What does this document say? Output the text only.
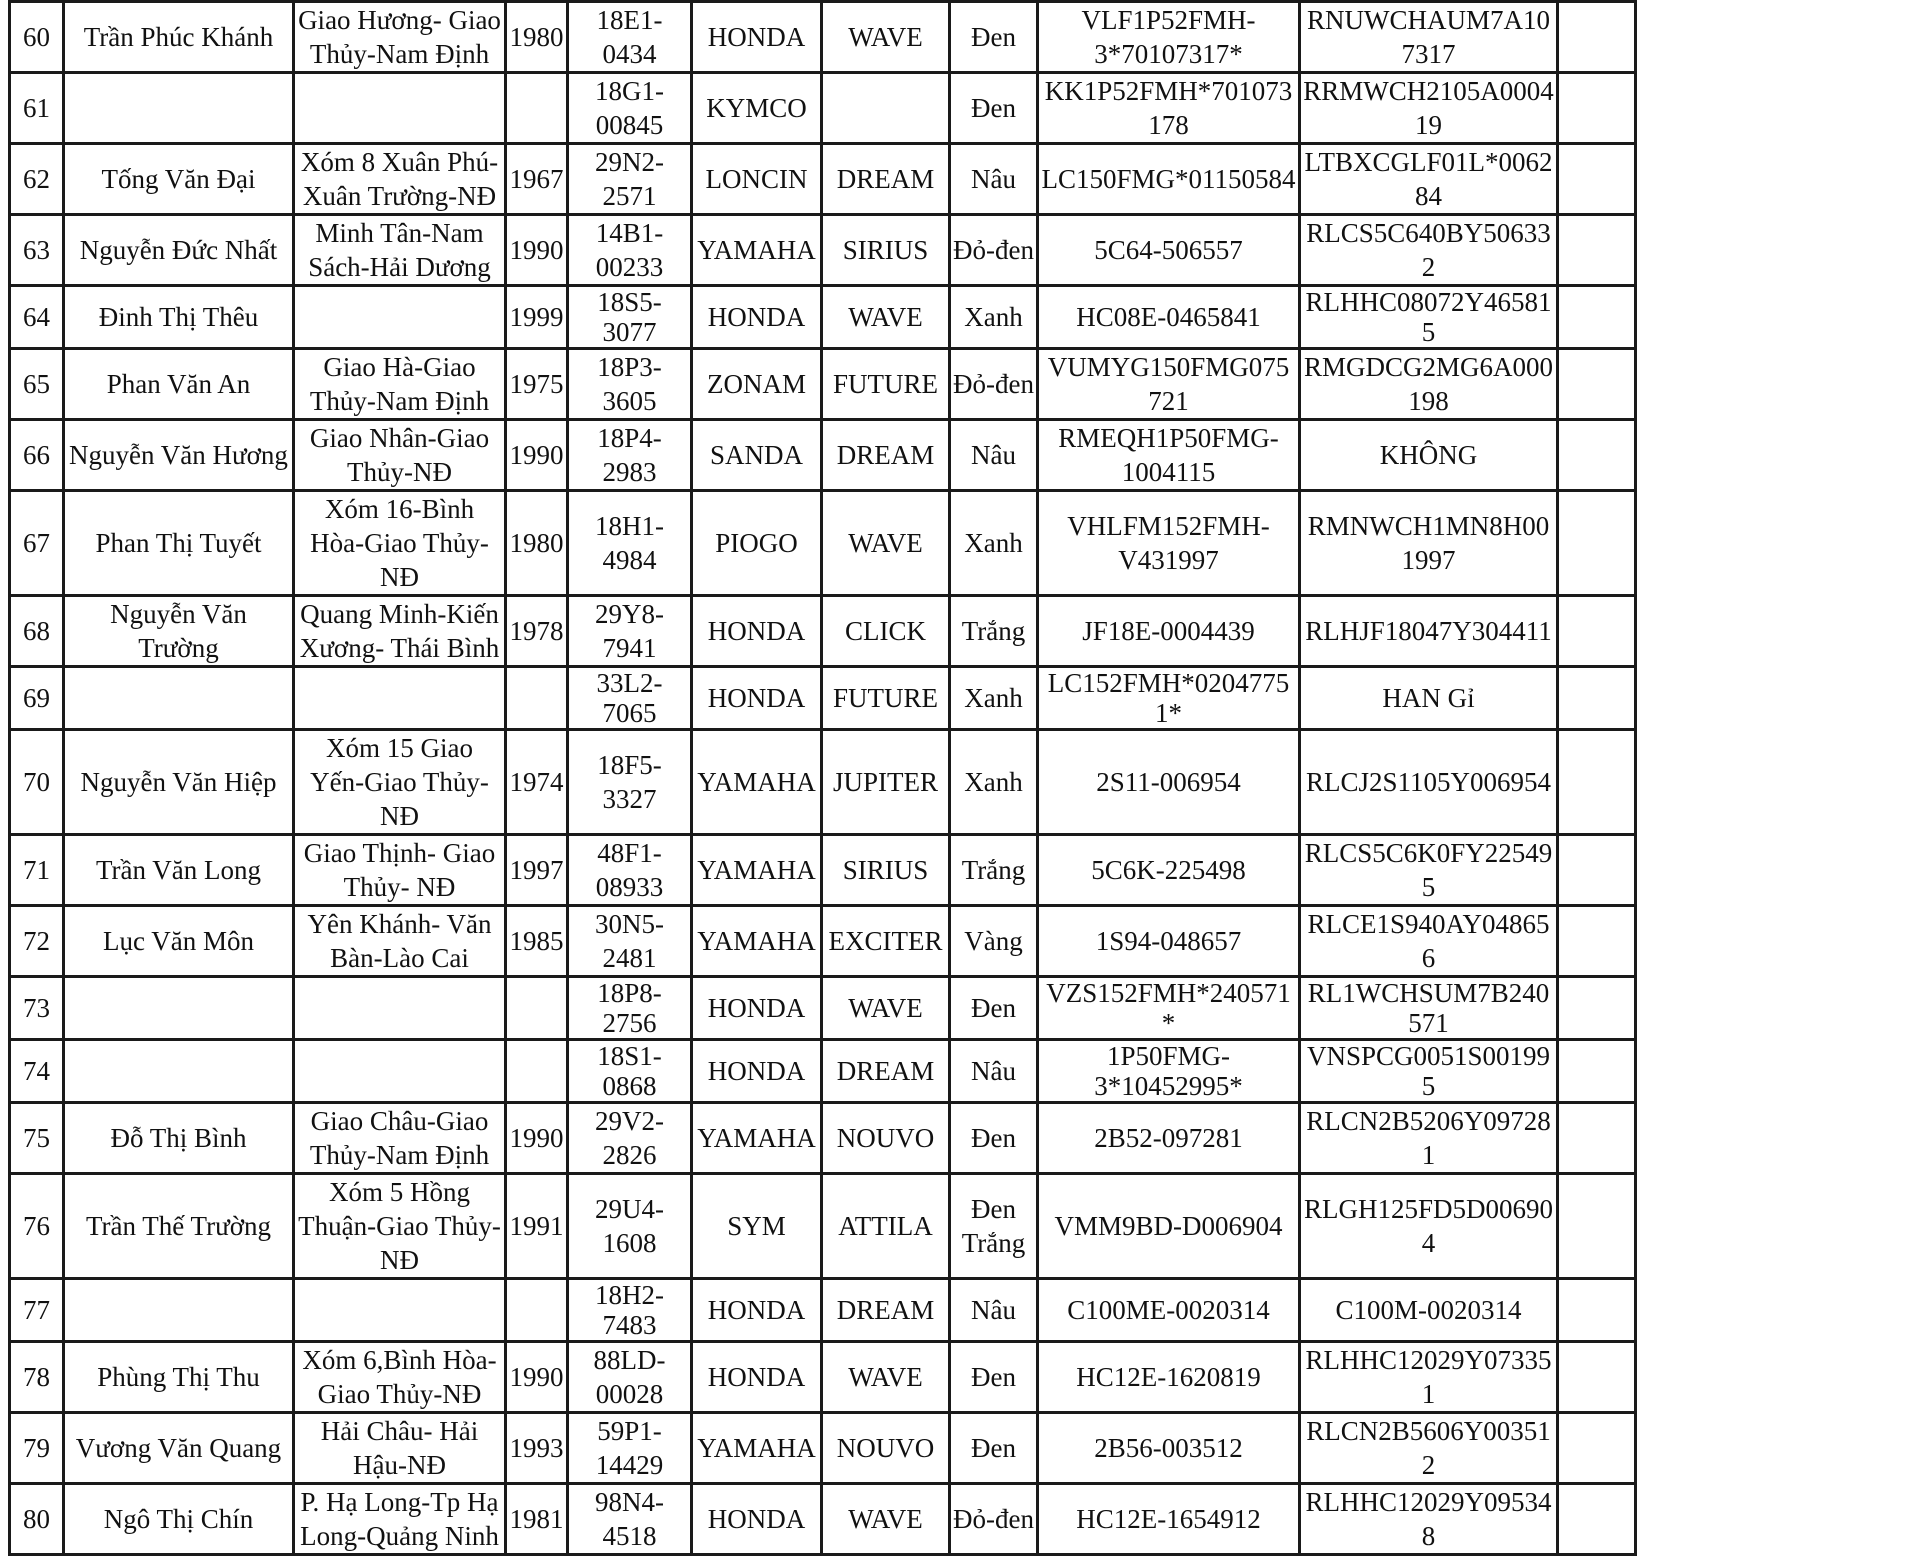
60	Trần Phúc Khánh	Giao Hương- Giao Thủy-Nam Định	1980	18E1-0434	HONDA	WAVE	Đen	VLF1P52FMH-3*70107317*	RNUWCHAUM7A107317	
61				18G1-00845	KYMCO		Đen	KK1P52FMH*701073178	RRMWCH2105A000419	
62	Tống Văn Đại	Xóm 8 Xuân Phú-Xuân Trường-NĐ	1967	29N2-2571	LONCIN	DREAM	Nâu	LC150FMG*01150584	LTBXCGLF01L*006284	
63	Nguyễn Đức Nhất	Minh Tân-Nam Sách-Hải Dương	1990	14B1-00233	YAMAHA	SIRIUS	Đỏ-đen	5C64-506557	RLCS5C640BY506332	
64	Đinh Thị Thêu		1999	18S5-3077	HONDA	WAVE	Xanh	HC08E-0465841	RLHHC08072Y465815	
65	Phan Văn An	Giao Hà-Giao Thủy-Nam Định	1975	18P3-3605	ZONAM	FUTURE	Đỏ-đen	VUMYG150FMG075721	RMGDCG2MG6A000198	
66	Nguyễn Văn Hương	Giao Nhân-Giao Thủy-NĐ	1990	18P4-2983	SANDA	DREAM	Nâu	RMEQH1P50FMG-1004115	KHÔNG	
67	Phan Thị Tuyết	Xóm 16-Bình Hòa-Giao Thủy-NĐ	1980	18H1-4984	PIOGO	WAVE	Xanh	VHLFM152FMH-V431997	RMNWCH1MN8H001997	
68	Nguyễn Văn Trường	Quang Minh-Kiến Xương- Thái Bình	1978	29Y8-7941	HONDA	CLICK	Trắng	JF18E-0004439	RLHJF18047Y304411	
69				33L2-7065	HONDA	FUTURE	Xanh	LC152FMH*02047751*	HAN Gỉ	
70	Nguyễn Văn Hiệp	Xóm 15 Giao Yến-Giao Thủy- NĐ	1974	18F5-3327	YAMAHA	JUPITER	Xanh	2S11-006954	RLCJ2S1105Y006954	
71	Trần Văn Long	Giao Thịnh- Giao Thủy- NĐ	1997	48F1-08933	YAMAHA	SIRIUS	Trắng	5C6K-225498	RLCS5C6K0FY225495	
72	Lục Văn Môn	Yên Khánh- Văn Bàn-Lào Cai	1985	30N5-2481	YAMAHA	EXCITER	Vàng	1S94-048657	RLCE1S940AY048656	
73				18P8-2756	HONDA	WAVE	Đen	VZS152FMH*240571*	RL1WCHSUM7B240571	
74				18S1-0868	HONDA	DREAM	Nâu	1P50FMG-3*10452995*	VNSPCG0051S001995	
75	Đỗ Thị Bình	Giao Châu-Giao Thủy-Nam Định	1990	29V2-2826	YAMAHA	NOUVO	Đen	2B52-097281	RLCN2B5206Y097281	
76	Trần Thế Trường	Xóm 5 Hồng Thuận-Giao Thủy- NĐ	1991	29U4-1608	SYM	ATTILA	Đen Trắng	VMM9BD-D006904	RLGH125FD5D006904	
77				18H2-7483	HONDA	DREAM	Nâu	C100ME-0020314	C100M-0020314	
78	Phùng Thị Thu	Xóm 6,Bình Hòa-Giao Thủy-NĐ	1990	88LD-00028	HONDA	WAVE	Đen	HC12E-1620819	RLHHC12029Y073351	
79	Vương Văn Quang	Hải Châu- Hải Hậu-NĐ	1993	59P1-14429	YAMAHA	NOUVO	Đen	2B56-003512	RLCN2B5606Y003512	
80	Ngô Thị Chín	P. Hạ Long-Tp Hạ Long-Quảng Ninh	1981	98N4-4518	HONDA	WAVE	Đỏ-đen	HC12E-1654912	RLHHC12029Y095348	
